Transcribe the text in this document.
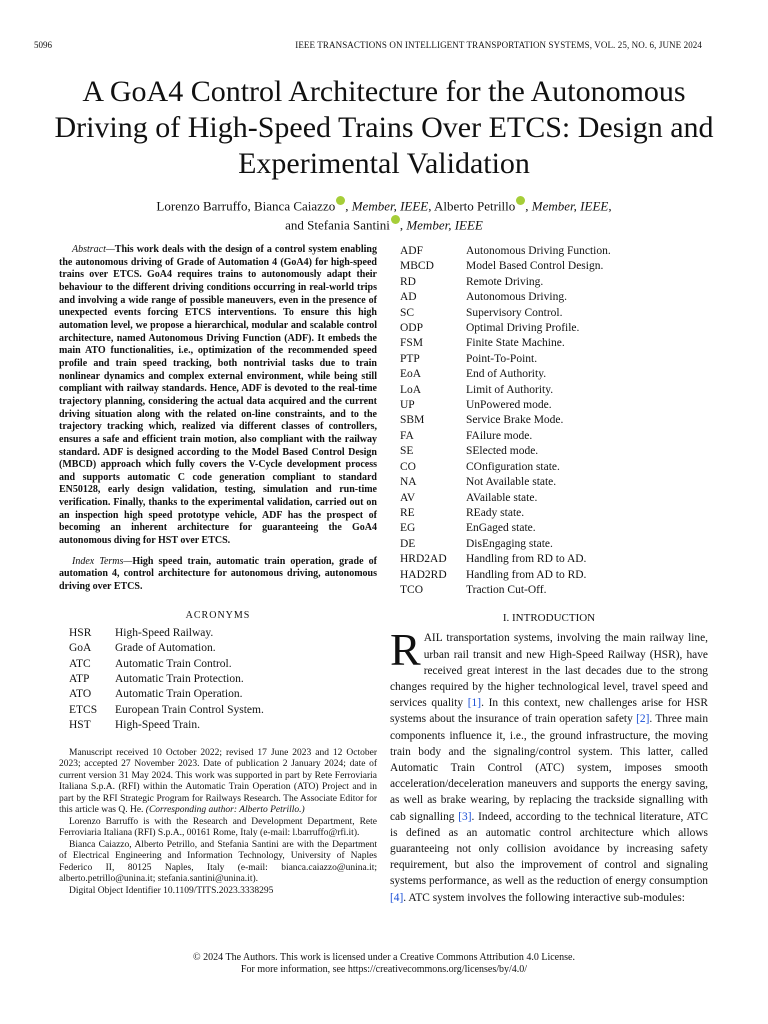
5096	IEEE TRANSACTIONS ON INTELLIGENT TRANSPORTATION SYSTEMS, VOL. 25, NO. 6, JUNE 2024
A GoA4 Control Architecture for the Autonomous Driving of High-Speed Trains Over ETCS: Design and Experimental Validation
Lorenzo Barruffo, Bianca Caiazzo , Member, IEEE, Alberto Petrillo , Member, IEEE,
and Stefania Santini , Member, IEEE

Abstract—This work deals with the design of a control system enabling the autonomous driving of Grade of Automation 4 (GoA4) for high-speed trains over ETCS. GoA4 requires trains to autonomously adapt their behaviour to the different driving conditions occurring in real-world trips and involving a wide range of possible maneuvers, even in the presence of unexpected events forcing ETCS interventions. To ensure this high automation level, we propose a hierarchical, modular and scalable control architecture, named Autonomous Driving Function (ADF). It embeds the main ATO functionalities, i.e., optimization of the recommended speed profile and train speed tracking, both nontrivial tasks due to train nonlinear dynamics and complex external environment, while being still compliant with railway standards. Hence, ADF is devoted to the real-time trajectory planning, considering the actual data acquired and the current driving situation along with the related on-line constraints, and to the trajectory tracking which, realized via different classes of controllers, ensures a safe and efficient train motion, also compliant with the railway standard. ADF is designed according to the Model Based Control Design (MBCD) approach which fully covers the V-Cycle development process and supports automatic C code generation compliant to standard EN50128, early design validation, testing, simulation and run-time verification. Finally, thanks to the experimental validation, carried out on an inspection high speed prototype vehicle, ADF has the prospect of becoming an inherent architecture for guaranteeing the GoA4 autonomous diving for HST over ETCS.

Index Terms—High speed train, automatic train operation, grade of automation 4, control architecture for autonomous driving, autonomous driving over ETCS.

ACRONYMS
HSR	High-Speed Railway.
GoA	Grade of Automation.
ATC	Automatic Train Control.
ATP	Automatic Train Protection.
ATO	Automatic Train Operation.
ETCS	European Train Control System.
HST	High-Speed Train.

Manuscript received 10 October 2022; revised 17 June 2023 and 12 October 2023; accepted 27 November 2023. Date of publication 2 January 2024; date of current version 31 May 2024. This work was supported in part by Rete Ferroviaria Italiana S.p.A. (RFI) within the Automatic Train Operation (ATO) Project and in part by the RFI Strategic Program for Railways Research. The Associate Editor for this article was Q. He. (Corresponding author: Alberto Petrillo.)

Lorenzo Barruffo is with the Research and Development Department, Rete Ferroviaria Italiana (RFI) S.p.A., 00161 Rome, Italy (e-mail: l.barruffo@rfi.it).

Bianca Caiazzo, Alberto Petrillo, and Stefania Santini are with the Department of Electrical Engineering and Information Technology, University of Naples Federico II, 80125 Naples, Italy (e-mail: bianca.caiazzo@unina.it; alberto.petrillo@unina.it; stefania.santini@unina.it).

Digital Object Identifier 10.1109/TITS.2023.3338295

ADF	Autonomous Driving Function.
MBCD	Model Based Control Design.
RD	Remote Driving.
AD	Autonomous Driving.
SC	Supervisory Control.
ODP	Optimal Driving Profile.
FSM	Finite State Machine.
PTP	Point-To-Point.
EoA	End of Authority.
LoA	Limit of Authority.
UP	UnPowered mode.
SBM	Service Brake Mode.
FA	FAilure mode.
SE	SElected mode.
CO	COnfiguration state.
NA	Not Available state.
AV	AVailable state.
RE	REady state.
EG	EnGaged state.
DE	DisEngaging state.
HRD2AD	Handling from RD to AD.
HAD2RD	Handling from AD to RD.
TCO	Traction Cut-Off.
I. INTRODUCTION

RAIL transportation systems, involving the main railway line, urban rail transit and new High-Speed Railway (HSR), have received great interest in the last decades due to the strong changes required by the higher technological level, travel speed and services quality [1]. In this context, new challenges arise for HSR systems about the insurance of train operation safety [2]. Three main components influence it, i.e., the ground infrastructure, the moving train body and the signaling/control system. This latter, called Automatic Train Control (ATC) system, imposes smooth acceleration/deceleration maneuvers and supports the energy saving, as well as brake wearing, by replacing the trackside signalling with cab signalling [3]. Indeed, according to the technical literature, ATC is defined as an automatic control architecture which allows guaranteeing not only collision avoidance by increasing safety requirement, but also the improvement of control and signaling systems performance, as well as the reduction of energy consumption [4]. ATC system involves the following interactive sub-modules:

© 2024 The Authors. This work is licensed under a Creative Commons Attribution 4.0 License.
For more information, see https://creativecommons.org/licenses/by/4.0/
